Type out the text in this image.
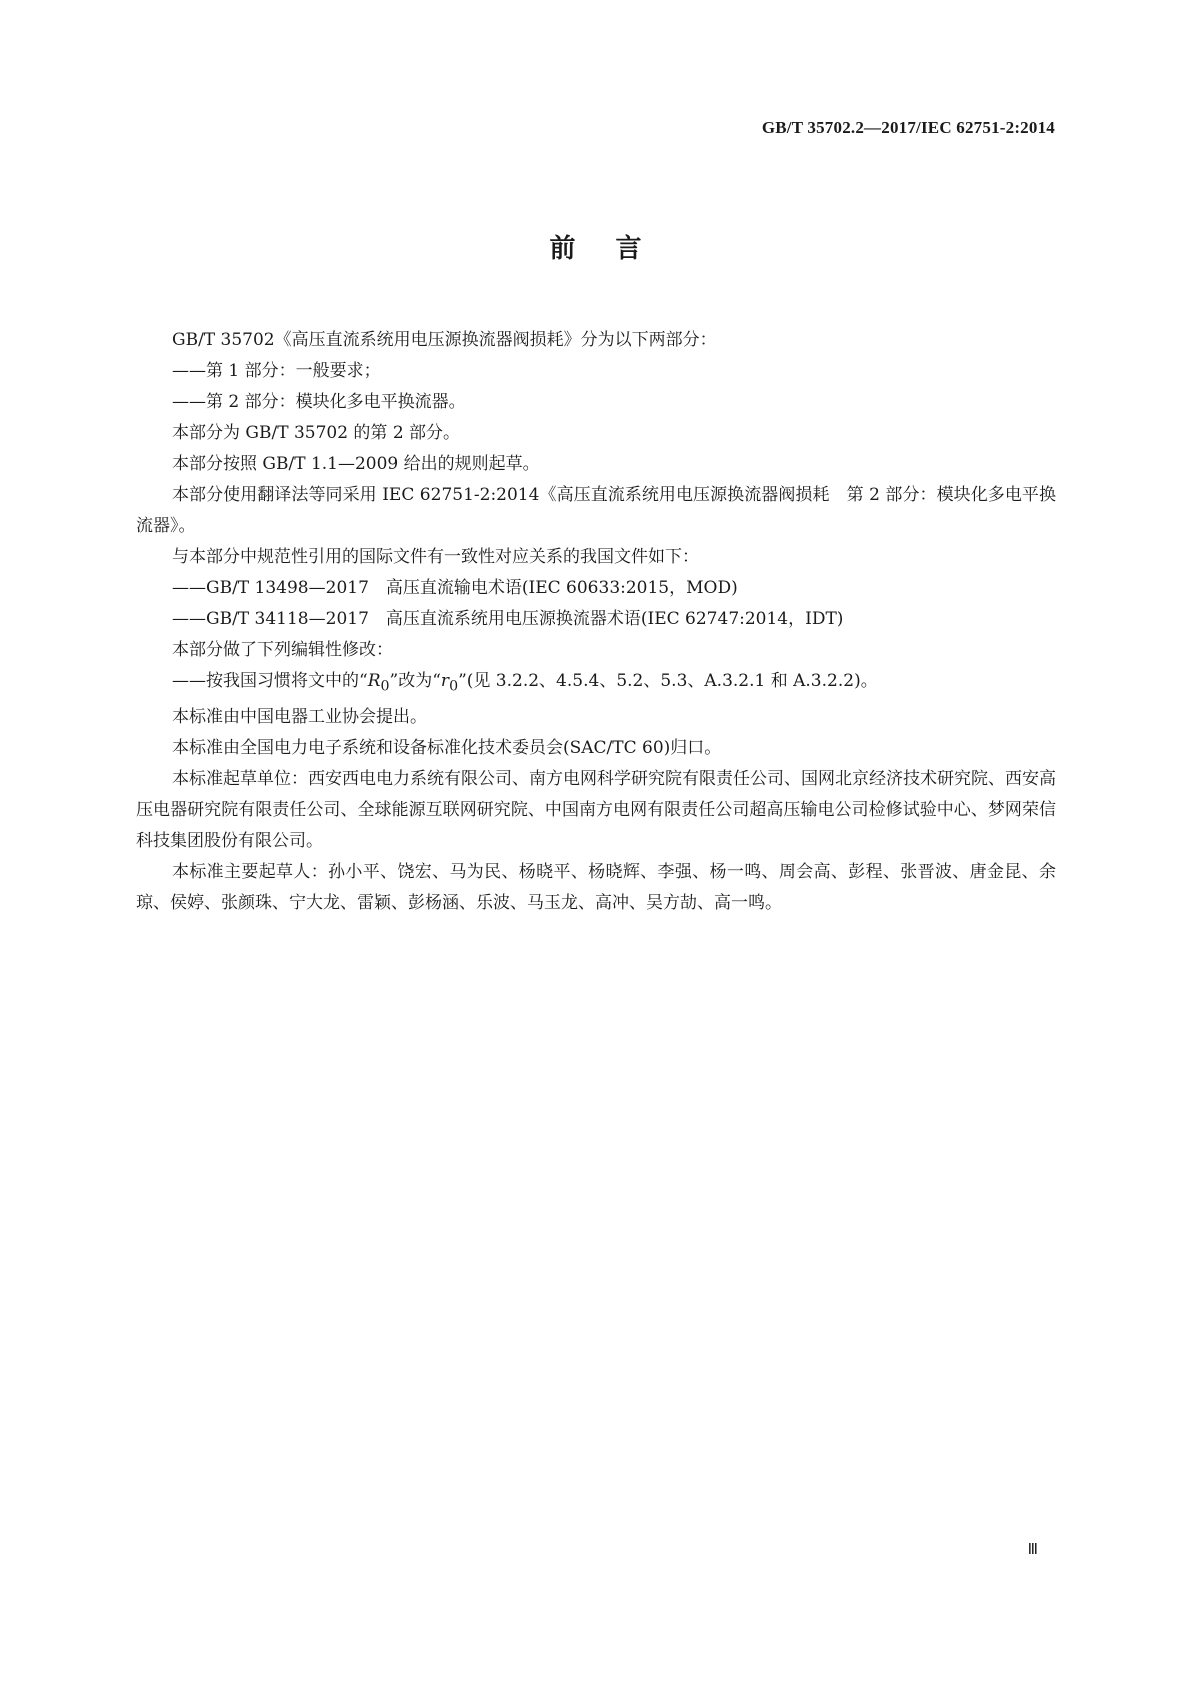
GB/T 35702.2—2017/IEC 62751-2:2014
前言

GB/T 35702《高压直流系统用电压源换流器阀损耗》分为以下两部分：

——第 1 部分：一般要求；

——第 2 部分：模块化多电平换流器。

本部分为 GB/T 35702 的第 2 部分。

本部分按照 GB/T 1.1—2009 给出的规则起草。

本部分使用翻译法等同采用 IEC 62751-2:2014《高压直流系统用电压源换流器阀损耗　第 2 部分：模块化多电平换流器》。

与本部分中规范性引用的国际文件有一致性对应关系的我国文件如下：

——GB/T 13498—2017　高压直流输电术语(IEC 60633:2015，MOD)

——GB/T 34118—2017　高压直流系统用电压源换流器术语(IEC 62747:2014，IDT)

本部分做了下列编辑性修改：

——按我国习惯将文中的“$R_0$”改为“$r_0$”(见 3.2.2、4.5.4、5.2、5.3、A.3.2.1 和 A.3.2.2)。

本标准由中国电器工业协会提出。

本标准由全国电力电子系统和设备标准化技术委员会(SAC/TC 60)归口。

本标准起草单位：西安西电电力系统有限公司、南方电网科学研究院有限责任公司、国网北京经济技术研究院、西安高压电器研究院有限责任公司、全球能源互联网研究院、中国南方电网有限责任公司超高压输电公司检修试验中心、梦网荣信科技集团股份有限公司。

本标准主要起草人：孙小平、饶宏、马为民、杨晓平、杨晓辉、李强、杨一鸣、周会高、彭程、张晋波、唐金昆、余琼、侯婷、张颜珠、宁大龙、雷颖、彭杨涵、乐波、马玉龙、高冲、吴方劼、高一鸣。

Ⅲ
